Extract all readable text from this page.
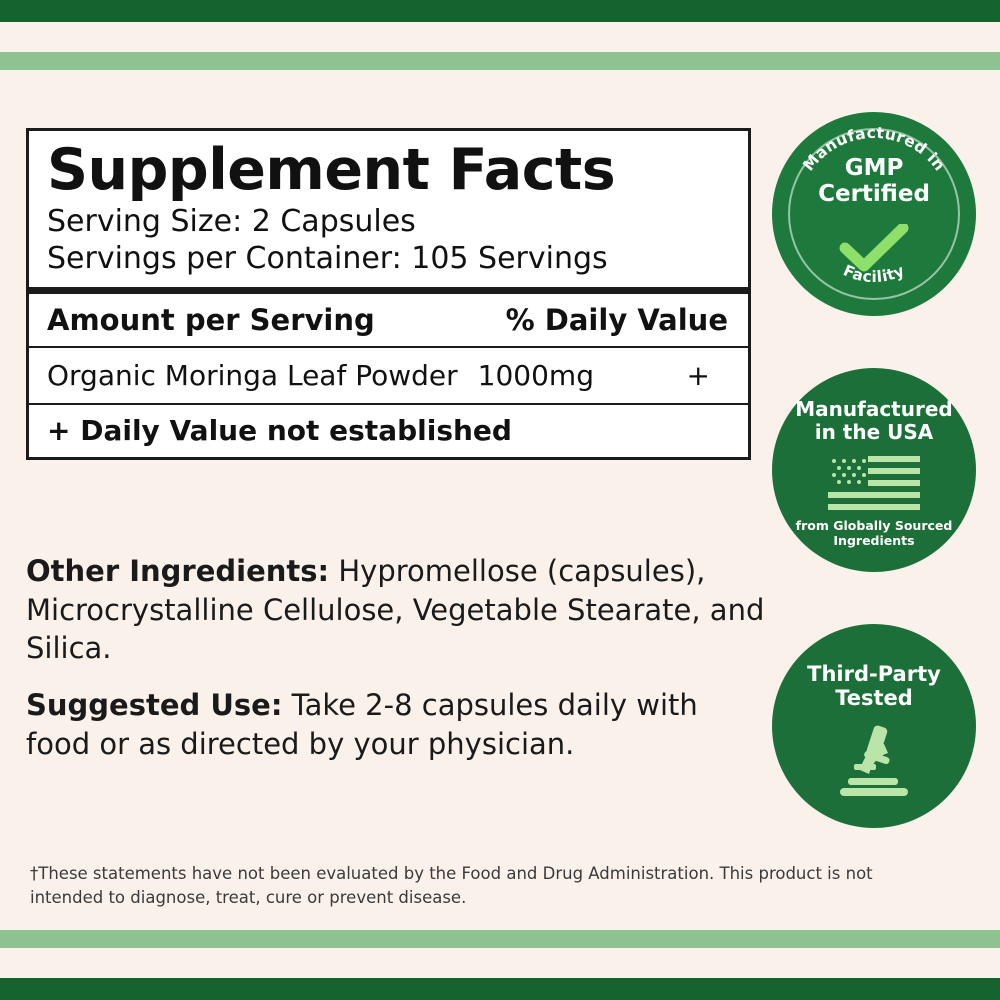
Supplement Facts
Serving Size: 2 Capsules
Servings per Container: 105 Servings
Amount per Serving	% Daily Value
Organic Moringa Leaf Powder 1000mg	+
+ Daily Value not established
Other Ingredients: Hypromellose (capsules), Microcrystalline Cellulose, Vegetable Stearate, and Silica.
Suggested Use: Take 2-8 capsules daily with food or as directed by your physician.
†These statements have not been evaluated by the Food and Drug Administration. This product is not intended to diagnose, treat, cure or prevent disease.
Manufactured in
Facility
GMP
Certified
Manufactured
in the USA
from Globally Sourced
Ingredients
Third-Party
Tested
